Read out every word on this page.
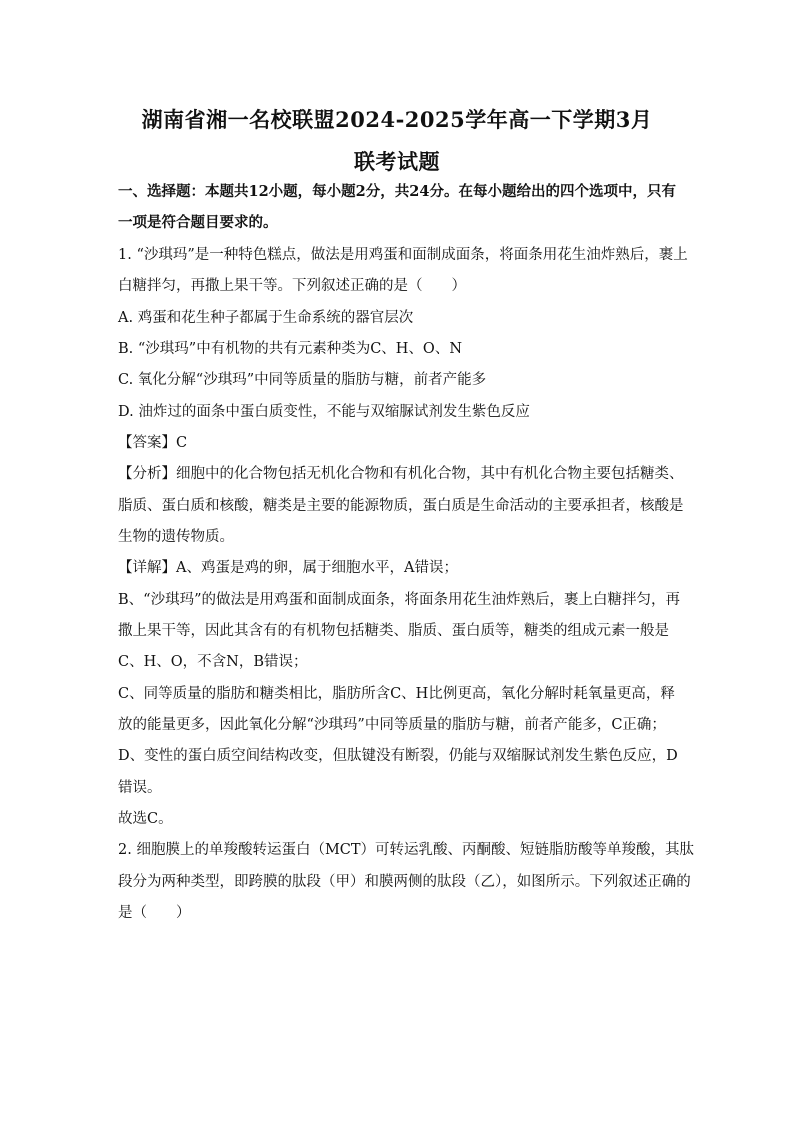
湖南省湘一名校联盟2024-2025学年高一下学期3月
联考试题
一、选择题：本题共12小题，每小题2分，共24分。在每小题给出的四个选项中，只有
一项是符合题目要求的。
1. “沙琪玛”是一种特色糕点，做法是用鸡蛋和面制成面条，将面条用花生油炸熟后，裹上
白糖拌匀，再撒上果干等。下列叙述正确的是（　　）
A. 鸡蛋和花生种子都属于生命系统的器官层次
B. “沙琪玛”中有机物的共有元素种类为C、H、O、N
C. 氧化分解“沙琪玛”中同等质量的脂肪与糖，前者产能多
D. 油炸过的面条中蛋白质变性，不能与双缩脲试剂发生紫色反应
【答案】C
【分析】细胞中的化合物包括无机化合物和有机化合物，其中有机化合物主要包括糖类、
脂质、蛋白质和核酸，糖类是主要的能源物质，蛋白质是生命活动的主要承担者，核酸是
生物的遗传物质。
【详解】A、鸡蛋是鸡的卵，属于细胞水平，A错误；
B、“沙琪玛”的做法是用鸡蛋和面制成面条，将面条用花生油炸熟后，裹上白糖拌匀，再
撒上果干等，因此其含有的有机物包括糖类、脂质、蛋白质等，糖类的组成元素一般是
C、H、O，不含N，B错误；
C、同等质量的脂肪和糖类相比，脂肪所含C、H比例更高，氧化分解时耗氧量更高，释
放的能量更多，因此氧化分解“沙琪玛”中同等质量的脂肪与糖，前者产能多，C正确；
D、变性的蛋白质空间结构改变，但肽键没有断裂，仍能与双缩脲试剂发生紫色反应，D
错误。
故选C。
2. 细胞膜上的单羧酸转运蛋白（MCT）可转运乳酸、丙酮酸、短链脂肪酸等单羧酸，其肽
段分为两种类型，即跨膜的肽段（甲）和膜两侧的肽段（乙），如图所示。下列叙述正确的
是（　　）
